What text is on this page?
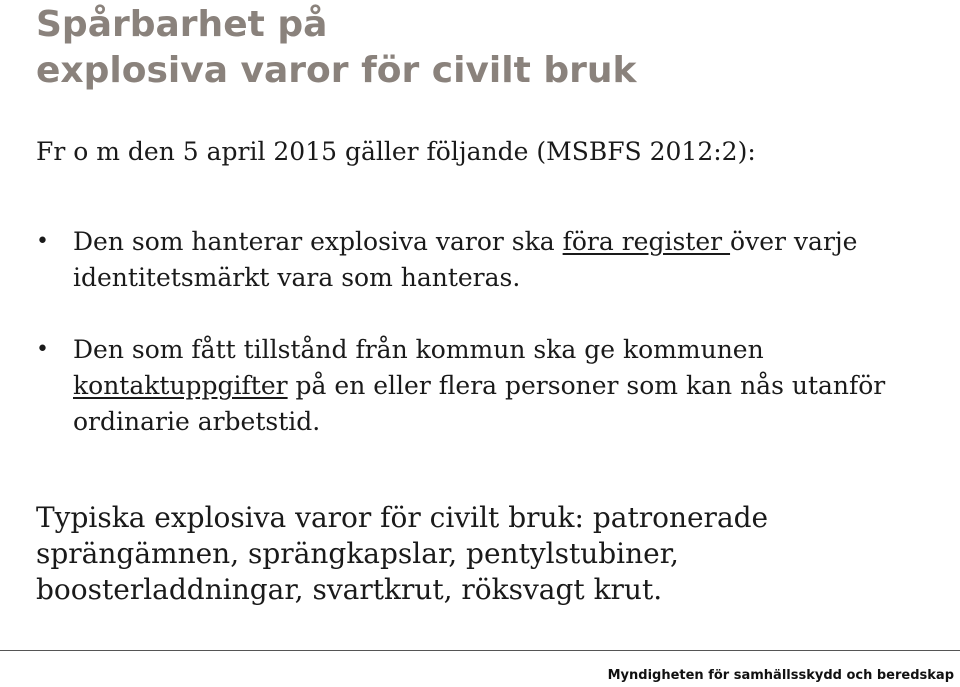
Spårbarhet på
explosiva varor för civilt bruk

Fr o m den 5 april 2015 gäller följande (MSBFS 2012:2):

• Den som hanterar explosiva varor ska föra register över varje identitetsmärkt vara som hanteras.
• Den som fått tillstånd från kommun ska ge kommunen kontaktuppgifter på en eller flera personer som kan nås utanför ordinarie arbetstid.

Typiska explosiva varor för civilt bruk: patronerade sprängämnen, sprängkapslar, pentylstubiner, boosterladdningar, svartkrut, röksvagt krut.

Myndigheten för samhällsskydd och beredskap
